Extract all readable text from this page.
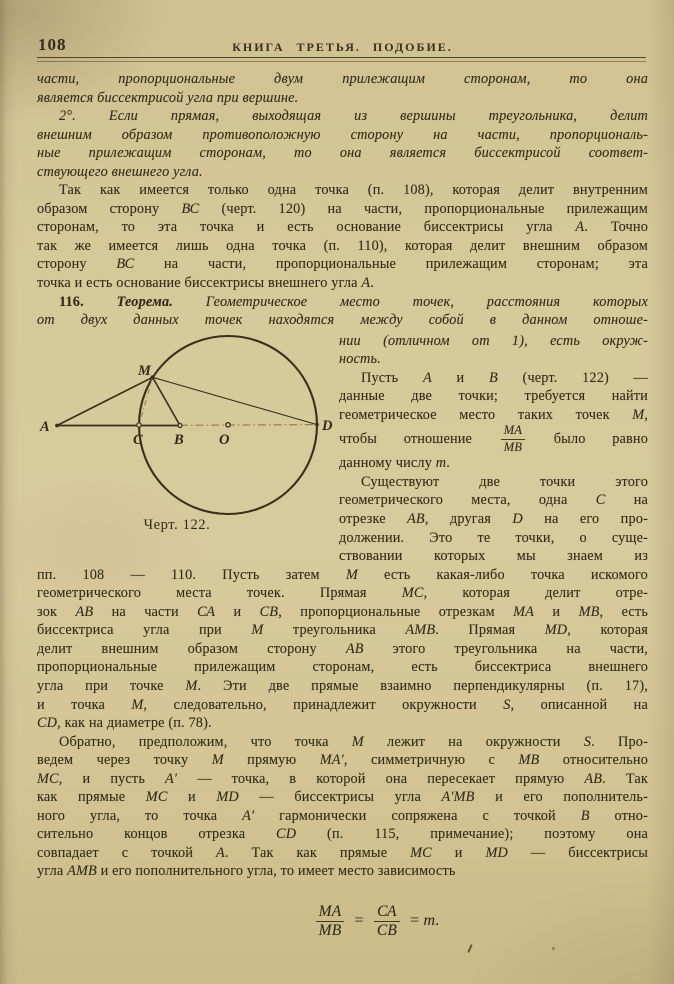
108	КНИГА ТРЕТЬЯ. ПОДОБИЕ.
части, пропорциональные двум прилежащим сторонам, то она
является биссектрисой угла при вершине.
2°. Если прямая, выходящая из вершины треугольника, делит
внешним образом противоположную сторону на части, пропорциональ-
ные прилежащим сторонам, то она является биссектрисой соответ-
ствующего внешнего угла.
Так как имеется только одна точка (п. 108), которая делит внутренним
образом сторону ВС (черт. 120) на части, пропорциональные прилежащим
сторонам, то эта точка и есть основание биссектрисы угла А. Точно
так же имеется лишь одна точка (п. 110), которая делит внешним образом
сторону ВС на части, пропорциональные прилежащим сторонам; эта
точка и есть основание биссектрисы внешнего угла А.
116. Теорема. Геометрическое место точек, расстояния которых
от двух данных точек находятся между собой в данном отноше-
M
A
C B O
D
Черт. 122.
нии (отличном от 1), есть окруж-
ность.
Пусть А и В (черт. 122) —
данные две точки; требуется найти
геометрическое место таких точек М,
чтобы отношение $\frac{МА}{МВ}$ было равно
данному числу m.
Существуют две точки этого
геометрического места, одна С на
отрезке АВ, другая D на его про-
должении. Это те точки, о суще-
ствовании которых мы знаем из
пп. 108 — 110. Пусть затем М есть какая-либо точка искомого
геометрического места точек. Прямая МС, которая делит отре-
зок АВ на части СА и СВ, пропорциональные отрезкам МА и МВ, есть
биссектриса угла при М треугольника АМВ. Прямая MD, которая
делит внешним образом сторону АВ этого треугольника на части,
пропорциональные прилежащим сторонам, есть биссектриса внешнего
угла при точке М. Эти две прямые взаимно перпендикулярны (п. 17),
и точка М, следовательно, принадлежит окружности S, описанной на
CD, как на диаметре (п. 78).
Обратно, предположим, что точка М лежит на окружности S. Про-
ведем через точку М прямую МА′, симметричную с МВ относительно
МС, и пусть А′ — точка, в которой она пересекает прямую АВ. Так
как прямые МС и MD — биссектрисы угла А′МВ и его пополнитель-
ного угла, то точка А′ гармонически сопряжена с точкой В отно-
сительно концов отрезка CD (п. 115, примечание); поэтому она
совпадает с точкой А. Так как прямые МС и MD — биссектрисы
угла АМВ и его пополнительного угла, то имеет место зависимость
$\frac{МА}{МВ} = \frac{СА}{СВ} = m$.
